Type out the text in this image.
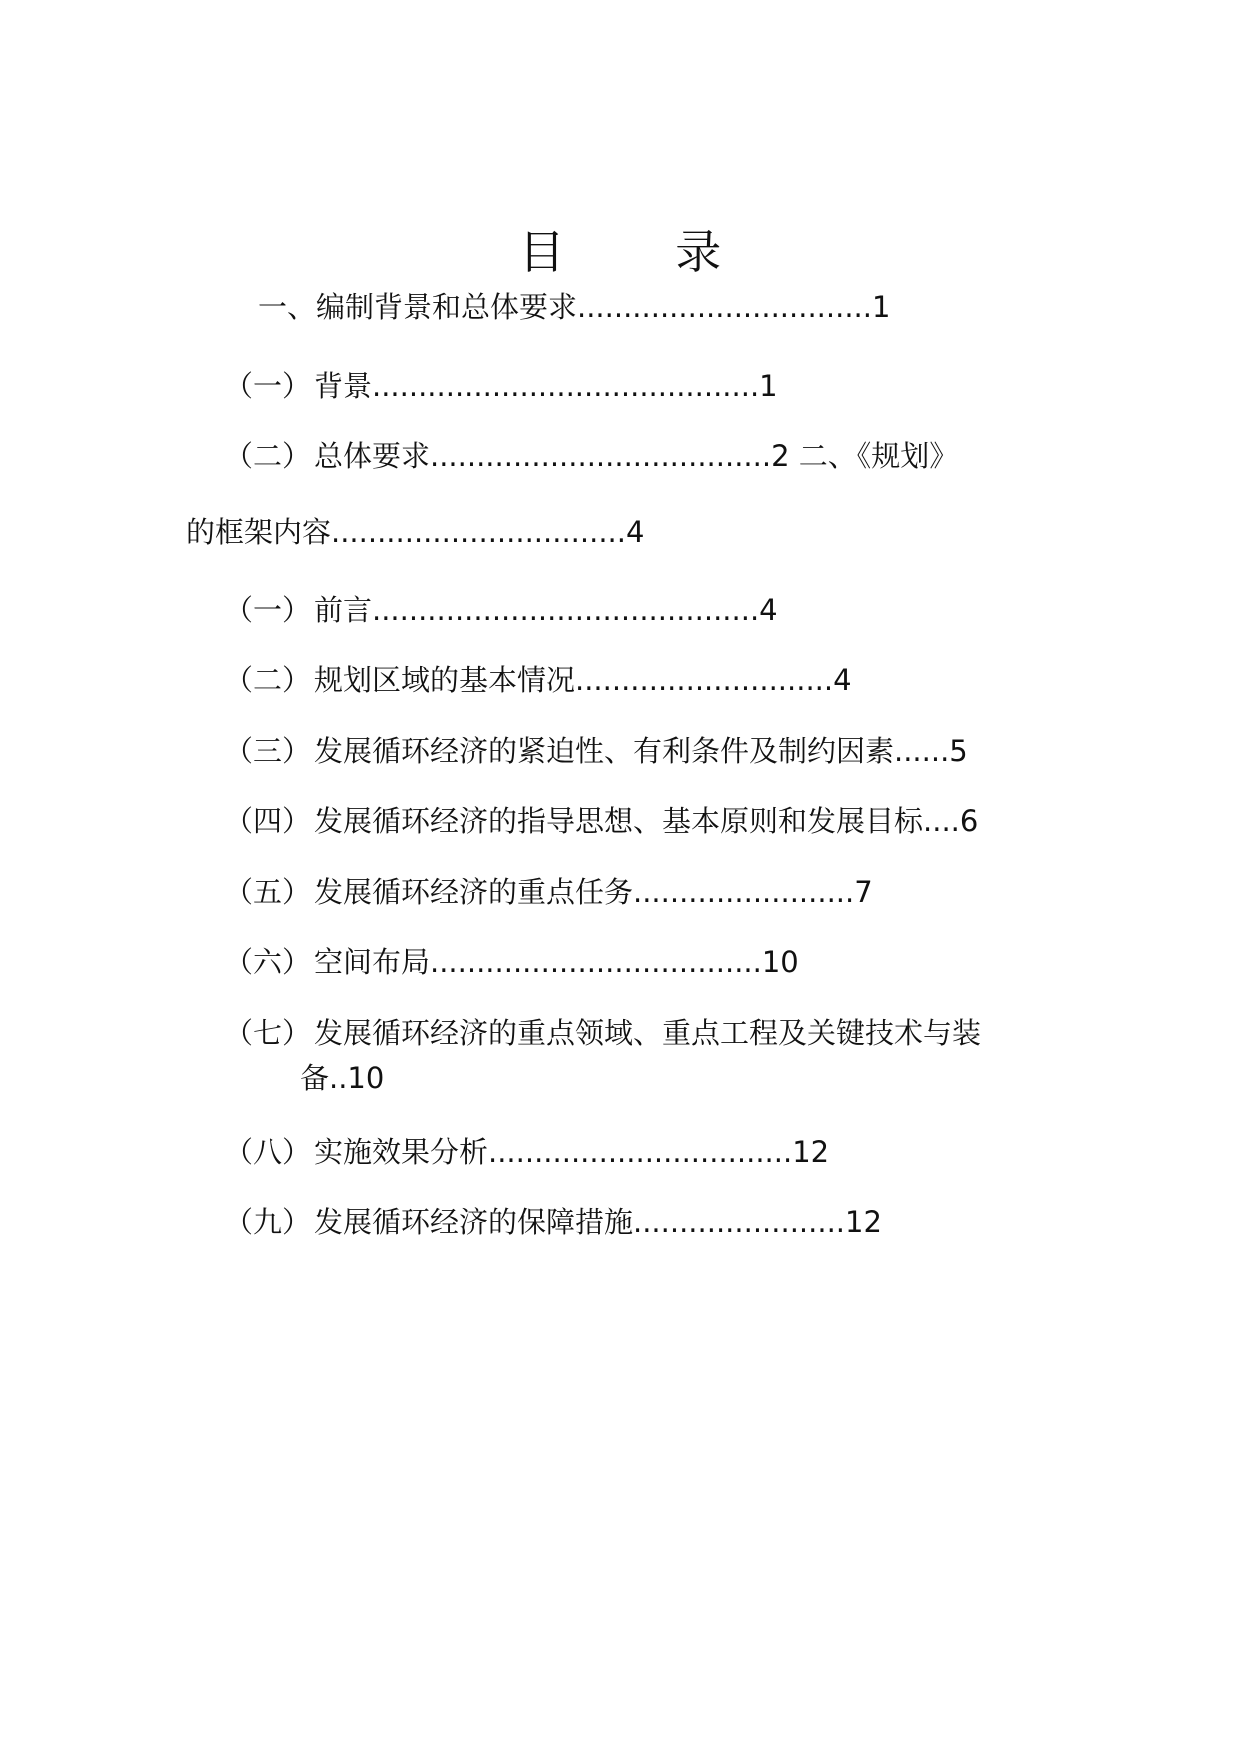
目 录
一、编制背景和总体要求................................1
（一） 背景..........................................1
（二） 总体要求.....................................2 二、《规划》
的框架内容................................4
（一） 前言..........................................4
（二） 规划区域的基本情况............................4
（三） 发展循环经济的紧迫性、有利条件及制约因素......5
（四） 发展循环经济的指导思想、基本原则和发展目标....6
（五） 发展循环经济的重点任务........................7
（六） 空间布局....................................10
（七） 发展循环经济的重点领域、重点工程及关键技术与装
备..10
（八） 实施效果分析.................................12
（九） 发展循环经济的保障措施.......................12
